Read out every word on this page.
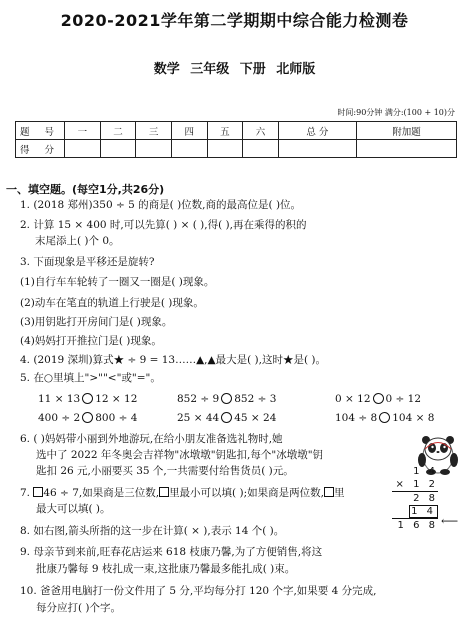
2020-2021学年第二学期期中综合能力检测卷
数学 三年级 下册 北师版
时间:90分钟 满分:(100 + 10)分
题 号	一	二	三	四	五	六	总 分	附加题
得 分								
一、填空题。(每空1分,共26分)
1. (2018 郑州)350 ÷ 5 的商是( )位数,商的最高位是( )位。
2. 计算 15 × 400 时,可以先算( ) × ( ),得( ),再在乘得的积的
末尾添上( )个 0。
3. 下面现象是平移还是旋转?
(1)自行车车轮转了一圈又一圈是( )现象。
(2)动车在笔直的轨道上行驶是( )现象。
(3)用钥匙打开房间门是( )现象。
(4)妈妈打开推拉门是( )现象。
4. (2019 深圳)算式★ ÷ 9 = 13……▲,▲最大是( ),这时★是( )。
5. 在○里填上">""<"或"="。
11 × 13 12 × 12	852 ÷ 9 852 ÷ 3	0 × 12 0 ÷ 12
400 ÷ 2 800 ÷ 4	25 × 44 45 × 24	104 ÷ 8 104 × 8
6. ( )妈妈带小丽到外地游玩,在给小朋友准备选礼物时,她
选中了 2022 年冬奥会吉祥物"冰墩墩"钥匙扣,每个"冰墩墩"钥
匙扣 26 元,小丽要买 35 个,一共需要付给售货员( )元。
7. 46 ÷ 7,如果商是三位数, 里最小可以填( );如果商是两位数, 里
最大可以填( )。
8. 如右图,箭头所指的这一步在计算( × ),表示 14 个( )。
1 4
× 1 2
2 8
1 4
1 6 8 ⟵
9. 母亲节到来前,旺春花店运来 618 枝康乃馨,为了方便销售,将这
批康乃馨每 9 枝扎成一束,这批康乃馨最多能扎成( )束。
10. 爸爸用电脑打一份文件用了 5 分,平均每分打 120 个字,如果要 4 分完成,
每分应打( )个字。
